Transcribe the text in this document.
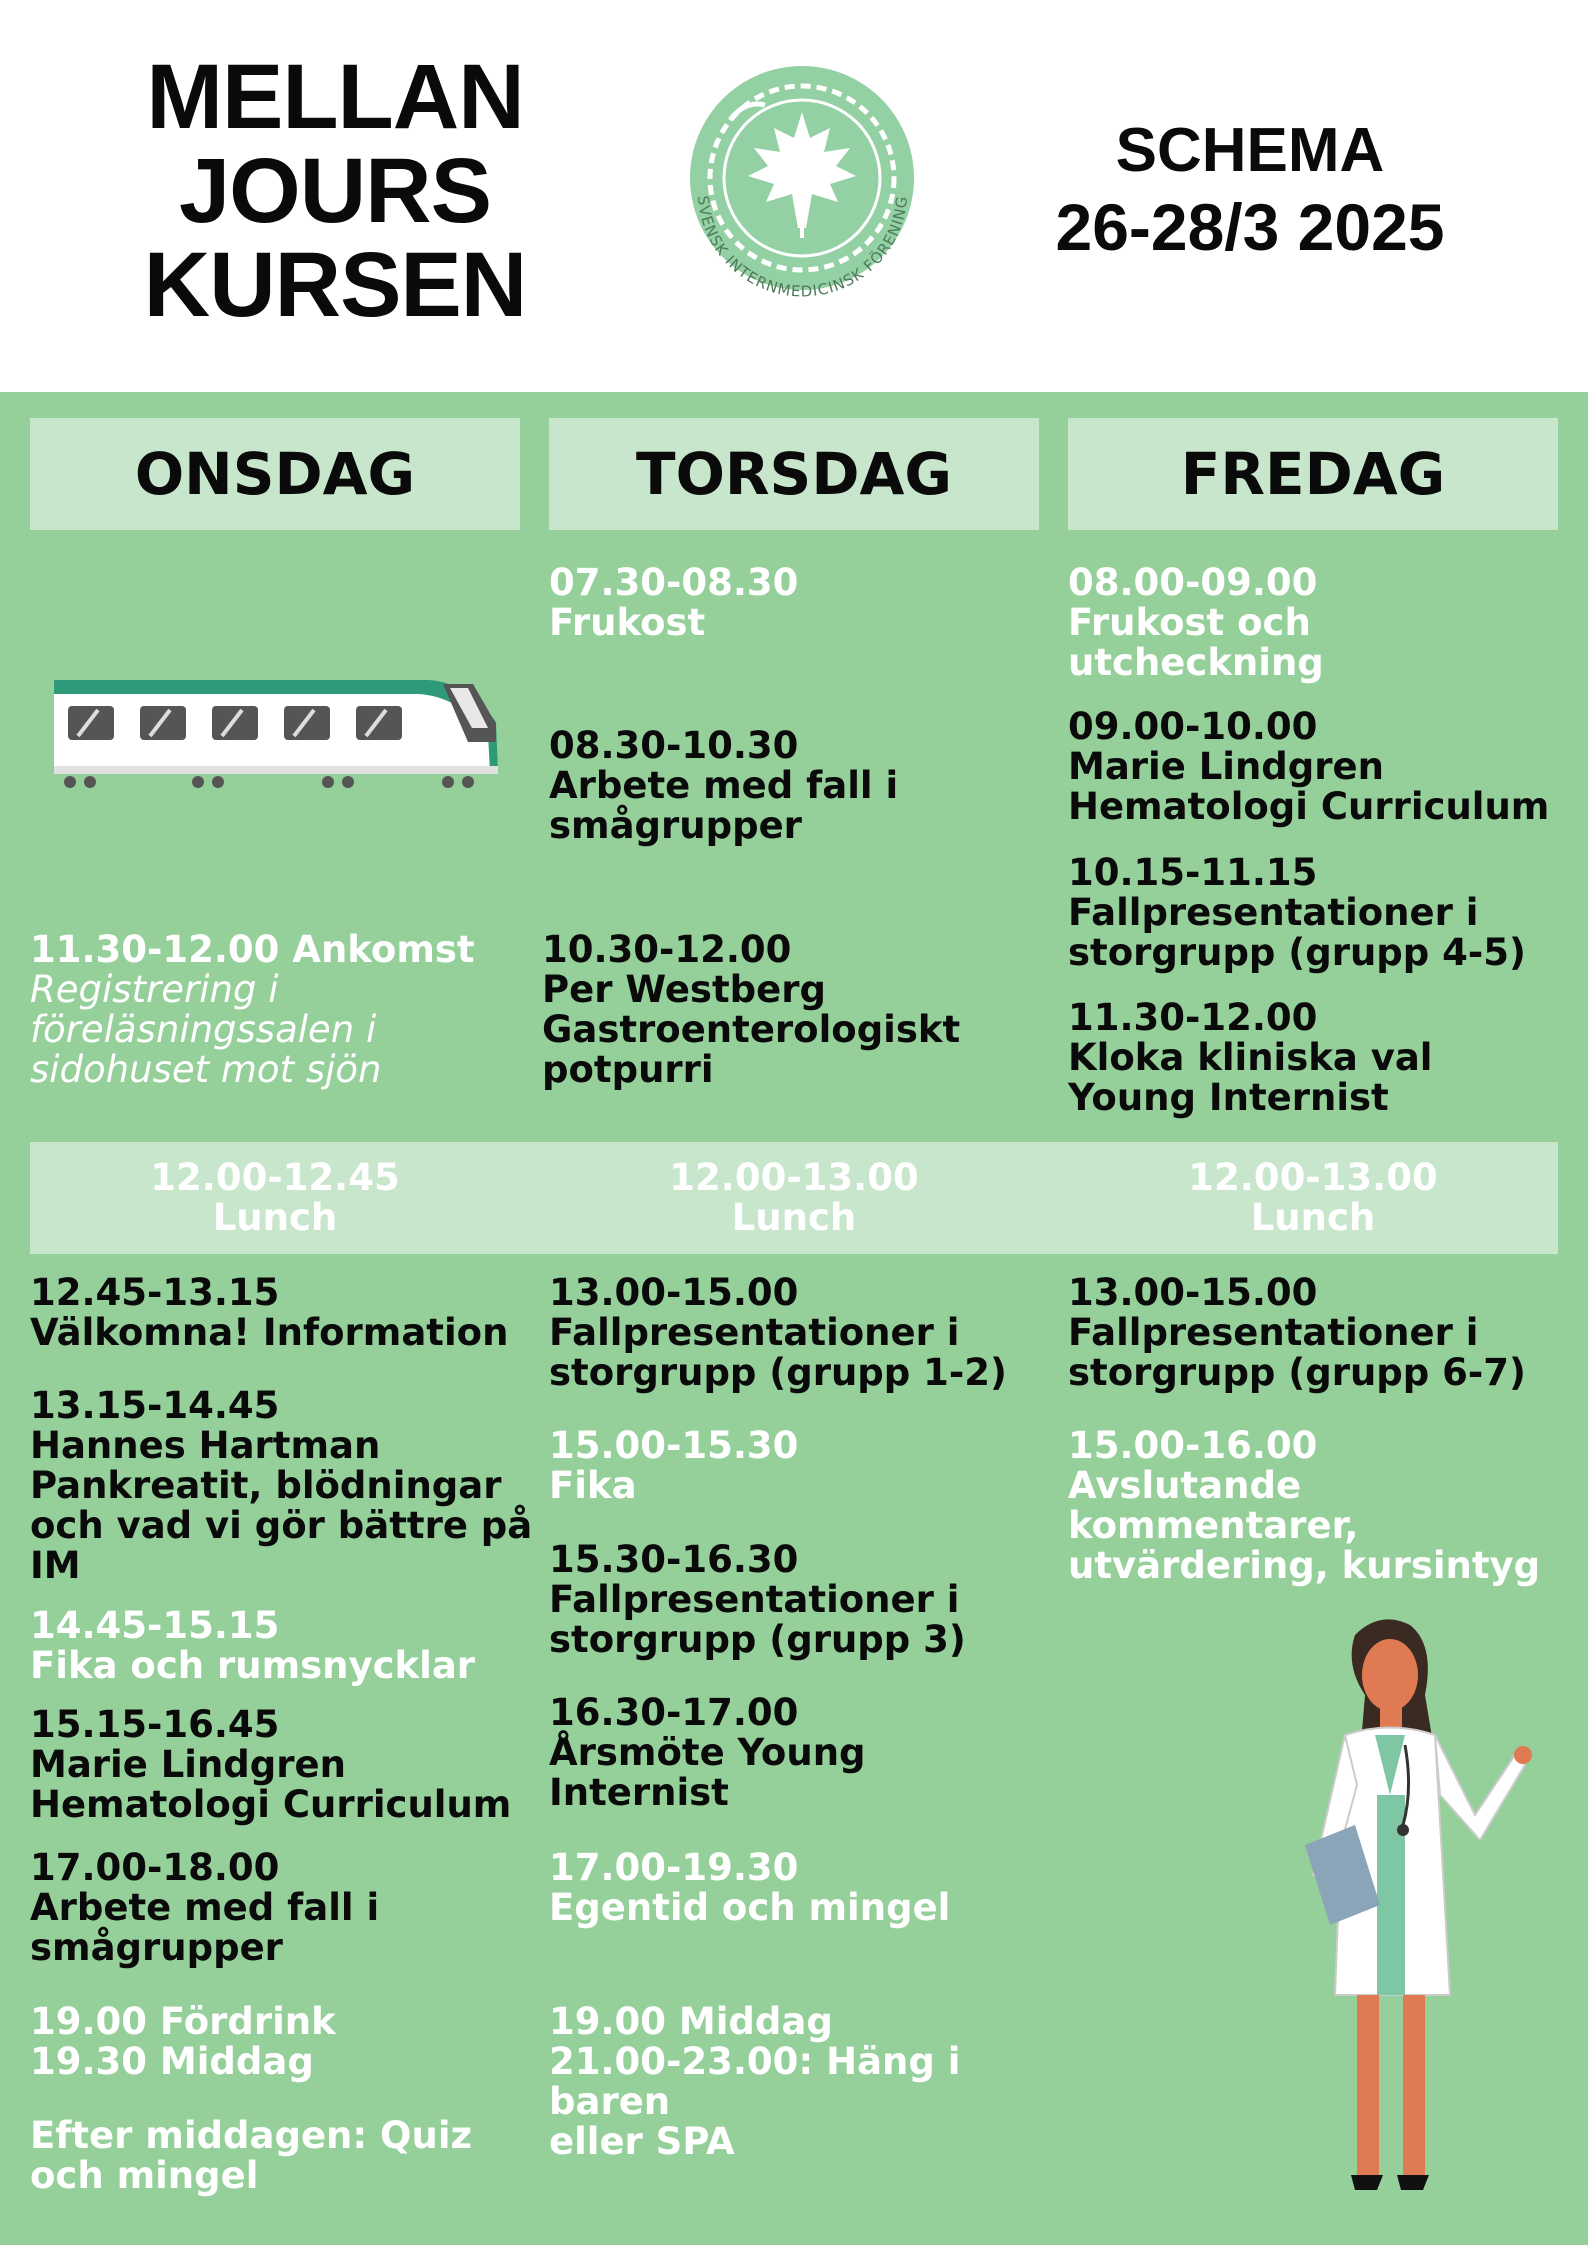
MELLAN
JOURS
KURSEN
SVENSK INTERNMEDICINSK FÖRENING
SCHEMA
26-28/3 2025
ONSDAG	TORSDAG	FREDAG
11.30-12.00 Ankomst
Registrering i
föreläsningssalen i
sidohuset mot sjön
12.45-13.15
Välkomna! Information
13.15-14.45
Hannes Hartman
Pankreatit, blödningar
och vad vi gör bättre på
IM
14.45-15.15
Fika och rumsnycklar
15.15-16.45
Marie Lindgren
Hematologi Curriculum
17.00-18.00
Arbete med fall i
smågrupper
19.00 Fördrink
19.30 Middag
Efter middagen: Quiz
och mingel
07.30-08.30
Frukost
08.30-10.30
Arbete med fall i
smågrupper
10.30-12.00
Per Westberg
Gastroenterologiskt
potpurri
13.00-15.00
Fallpresentationer i
storgrupp (grupp 1-2)
15.00-15.30
Fika
15.30-16.30
Fallpresentationer i
storgrupp (grupp 3)
16.30-17.00
Årsmöte Young
Internist
17.00-19.30
Egentid och mingel
19.00 Middag
21.00-23.00: Häng i baren
eller SPA
08.00-09.00
Frukost och
utcheckning
09.00-10.00
Marie Lindgren
Hematologi Curriculum
10.15-11.15
Fallpresentationer i
storgrupp (grupp 4-5)
11.30-12.00
Kloka kliniska val
Young Internist
13.00-15.00
Fallpresentationer i
storgrupp (grupp 6-7)
15.00-16.00
Avslutande
kommentarer,
utvärdering, kursintyg
12.00-12.45
Lunch
12.00-13.00
Lunch
12.00-13.00
Lunch
